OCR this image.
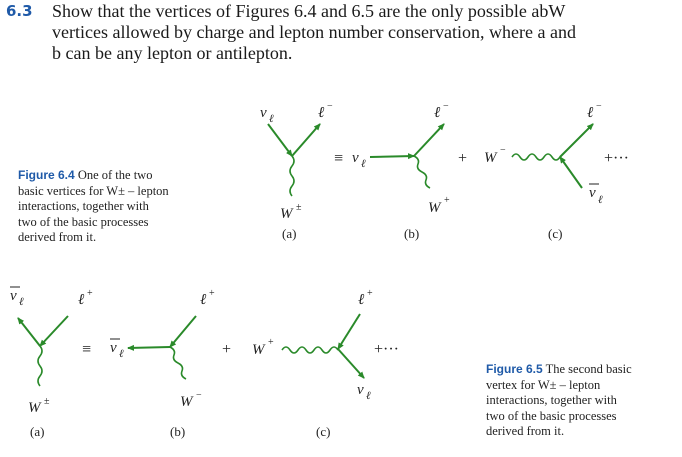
6.3 Show that the vertices of Figures 6.4 and 6.5 are the only possible abW
vertices allowed by charge and lepton number conservation, where a and
b can be any lepton or antilepton.
Figure 6.4 One of the two
basic vertices for W± – lepton
interactions, together with
two of the basic processes
derived from it.
Figure 6.5 The second basic
vertex for W± – lepton
interactions, together with
two of the basic processes
derived from it.
ν ℓ	ℓ −
W ±
(a)
≡ ν ℓ
ℓ −
W +
(b)
+ W −
ℓ −
ν ℓ
+···
(c)
ν ℓ	ℓ +
W ±
(a)
≡ ν ℓ
ℓ +
W −
(b)
+ W +
ℓ +
ν ℓ
+···
(c)
